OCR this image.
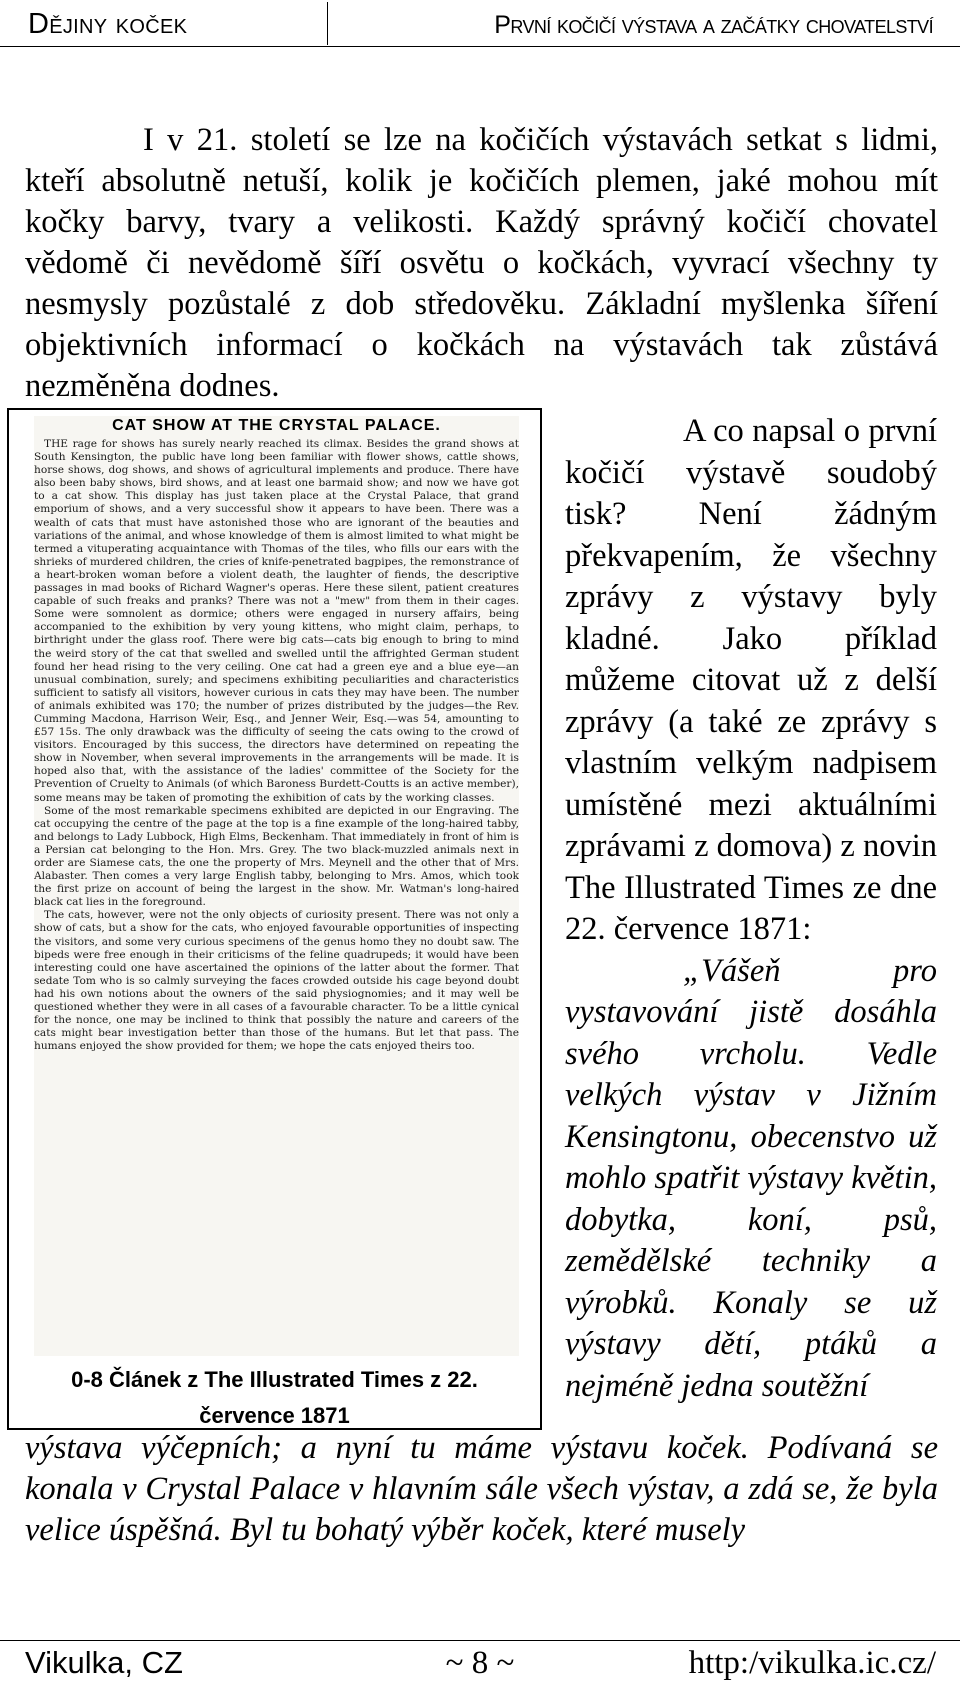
Dějiny koček	První kočičí výstava a začátky chovatelství

I v 21. století se lze na kočičích výstavách setkat s lidmi, kteří absolutně netuší, kolik je kočičích plemen, jaké mohou mít kočky barvy, tvary a velikosti. Každý správný kočičí chovatel vědomě či nevědomě šíří osvětu o kočkách, vyvrací všechny ty nesmysly pozůstalé z dob středověku. Základní myšlenka šíření objektivních informací o kočkách na výstavách tak zůstává nezměněna dodnes.

CAT SHOW AT THE CRYSTAL PALACE.

THE rage for shows has surely nearly reached its climax. Besides the grand shows at South Kensington, the public have long been familiar with flower shows, cattle shows, horse shows, dog shows, and shows of agricultural implements and produce. There have also been baby shows, bird shows, and at least one barmaid show; and now we have got to a cat show. This display has just taken place at the Crystal Palace, that grand emporium of shows, and a very successful show it appears to have been. There was a wealth of cats that must have astonished those who are ignorant of the beauties and variations of the animal, and whose knowledge of them is almost limited to what might be termed a vituperating acquaintance with Thomas of the tiles, who fills our ears with the shrieks of murdered children, the cries of knife-penetrated bagpipes, the remonstrance of a heart-broken woman before a violent death, the laughter of fiends, the descriptive passages in mad books of Richard Wagner's operas. Here these silent, patient creatures capable of such freaks and pranks? There was not a "mew" from them in their cages. Some were somnolent as dormice; others were engaged in nursery affairs, being accompanied to the exhibition by very young kittens, who might claim, perhaps, to birthright under the glass roof. There were big cats—cats big enough to bring to mind the weird story of the cat that swelled and swelled until the affrighted German student found her head rising to the very ceiling. One cat had a green eye and a blue eye—an unusual combination, surely; and specimens exhibiting peculiarities and characteristics sufficient to satisfy all visitors, however curious in cats they may have been. The number of animals exhibited was 170; the number of prizes distributed by the judges—the Rev. Cumming Macdona, Harrison Weir, Esq., and Jenner Weir, Esq.—was 54, amounting to £57 15s. The only drawback was the difficulty of seeing the cats owing to the crowd of visitors. Encouraged by this success, the directors have determined on repeating the show in November, when several improvements in the arrangements will be made. It is hoped also that, with the assistance of the ladies' committee of the Society for the Prevention of Cruelty to Animals (of which Baroness Burdett-Coutts is an active member), some means may be taken of promoting the exhibition of cats by the working classes.

Some of the most remarkable specimens exhibited are depicted in our Engraving. The cat occupying the centre of the page at the top is a fine example of the long-haired tabby, and belongs to Lady Lubbock, High Elms, Beckenham. That immediately in front of him is a Persian cat belonging to the Hon. Mrs. Grey. The two black-muzzled animals next in order are Siamese cats, the one the property of Mrs. Meynell and the other that of Mrs. Alabaster. Then comes a very large English tabby, belonging to Mrs. Amos, which took the first prize on account of being the largest in the show. Mr. Watman's long-haired black cat lies in the foreground.

The cats, however, were not the only objects of curiosity present. There was not only a show of cats, but a show for the cats, who enjoyed favourable opportunities of inspecting the visitors, and some very curious specimens of the genus homo they no doubt saw. The bipeds were free enough in their criticisms of the feline quadrupeds; it would have been interesting could one have ascertained the opinions of the latter about the former. That sedate Tom who is so calmly surveying the faces crowded outside his cage beyond doubt had his own notions about the owners of the said physiognomies; and it may well be questioned whether they were in all cases of a favourable character. To be a little cynical for the nonce, one may be inclined to think that possibly the nature and careers of the cats might bear investigation better than those of the humans. But let that pass. The humans enjoyed the show provided for them; we hope the cats enjoyed theirs too.

0-8 Článek z The Illustrated Times z 22.
července 1871

A co napsal o první kočičí výstavě soudobý tisk? Není žádným překvapením, že všechny zprávy z výstavy byly kladné. Jako příklad můžeme citovat už z delší zprávy (a také ze zprávy s vlastním velkým nadpisem umístěné mezi aktuálními zprávami z domova) z novin The Illustrated Times ze dne 22. července 1871:
„Vášeň pro vystavování jistě dosáhla svého vrcholu. Vedle velkých výstav v Jižním Kensingtonu, obecenstvo už mohlo spatřit výstavy květin, dobytka, koní, psů, zemědělské techniky a výrobků. Konaly se už výstavy dětí, ptáků a nejméně jedna soutěžní

výstava výčepních; a nyní tu máme výstavu koček. Podívaná se konala v Crystal Palace v hlavním sále všech výstav, a zdá se, že byla velice úspěšná. Byl tu bohatý výběr koček, které musely

Vikulka, CZ	~ 8 ~	http:/vikulka.ic.cz/
